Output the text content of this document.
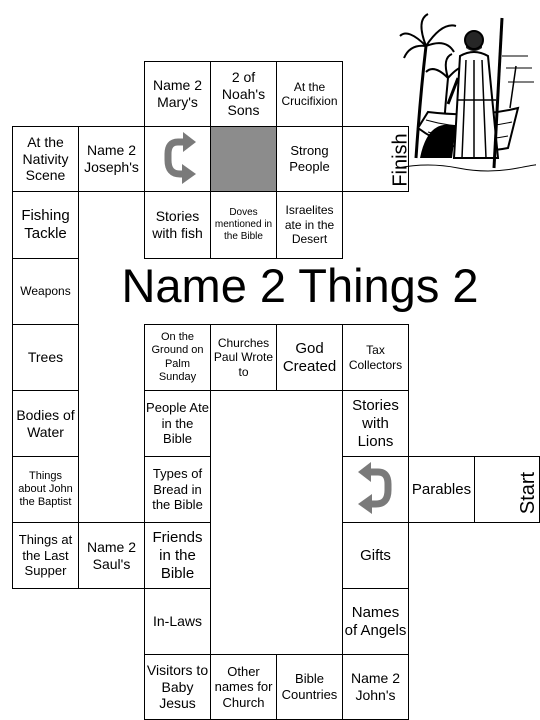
Name 2 Mary's
2 of Noah's Sons
At the Crucifixion
At the Nativity Scene
Name 2 Joseph's
Strong People	Finish
Fishing Tackle
Stories with fish
Doves mentioned in the Bible
Israelites ate in the Desert
Weapons
Trees
Bodies of Water
Things about John the Baptist
Things at the Last Supper
Name 2 Saul's
Name 2 Things 2
On the Ground on Palm Sunday
Churches Paul Wrote to
God Created
Tax Collectors
People Ate in the Bible
Types of Bread in the Bible
Friends in the Bible
In-Laws
Visitors to Baby Jesus
Other names for Church
Bible Countries
Name 2 John's
Stories with Lions
Parables Start
Gifts
Names of Angels
